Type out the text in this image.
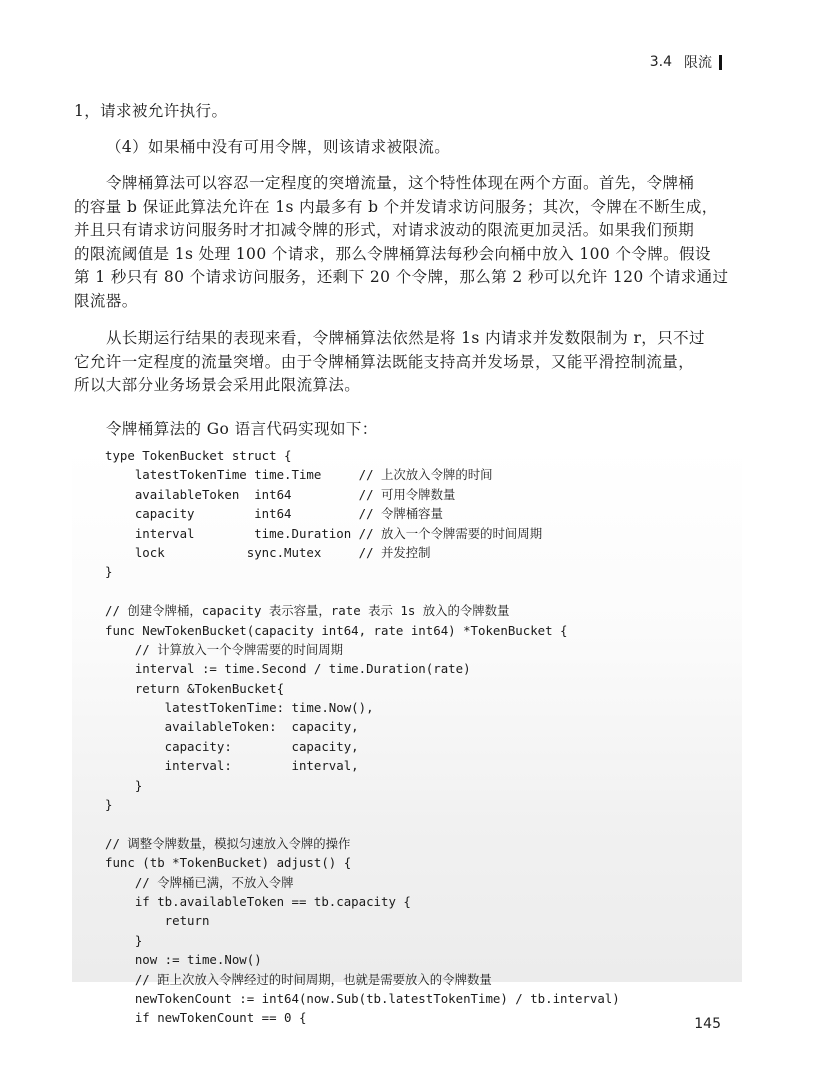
3.4 限流

1，请求被允许执行。

（4）如果桶中没有可用令牌，则该请求被限流。

令牌桶算法可以容忍一定程度的突增流量，这个特性体现在两个方面。首先，令牌桶
的容量 b 保证此算法允许在 1s 内最多有 b 个并发请求访问服务；其次，令牌在不断生成，
并且只有请求访问服务时才扣减令牌的形式，对请求波动的限流更加灵活。如果我们预期
的限流阈值是 1s 处理 100 个请求，那么令牌桶算法每秒会向桶中放入 100 个令牌。假设
第 1 秒只有 80 个请求访问服务，还剩下 20 个令牌，那么第 2 秒可以允许 120 个请求通过
限流器。

从长期运行结果的表现来看，令牌桶算法依然是将 1s 内请求并发数限制为 r，只不过
它允许一定程度的流量突增。由于令牌桶算法既能支持高并发场景，又能平滑控制流量，
所以大部分业务场景会采用此限流算法。

令牌桶算法的 Go 语言代码实现如下：

type TokenBucket struct {
latestTokenTime time.Time     // 上次放入令牌的时间
availableToken  int64         // 可用令牌数量
capacity        int64         // 令牌桶容量
interval        time.Duration // 放入一个令牌需要的时间周期
lock           sync.Mutex     // 并发控制
}
// 创建令牌桶，capacity 表示容量，rate 表示 1s 放入的令牌数量
func NewTokenBucket(capacity int64, rate int64) *TokenBucket {
// 计算放入一个令牌需要的时间周期
interval := time.Second / time.Duration(rate)
return &TokenBucket{
latestTokenTime: time.Now(),
availableToken:  capacity,
capacity:        capacity,
interval:        interval,
}
}
// 调整令牌数量，模拟匀速放入令牌的操作
func (tb *TokenBucket) adjust() {
// 令牌桶已满，不放入令牌
if tb.availableToken == tb.capacity {
return
}
now := time.Now()
// 距上次放入令牌经过的时间周期，也就是需要放入的令牌数量
newTokenCount := int64(now.Sub(tb.latestTokenTime) / tb.interval)
if newTokenCount == 0 {	145
